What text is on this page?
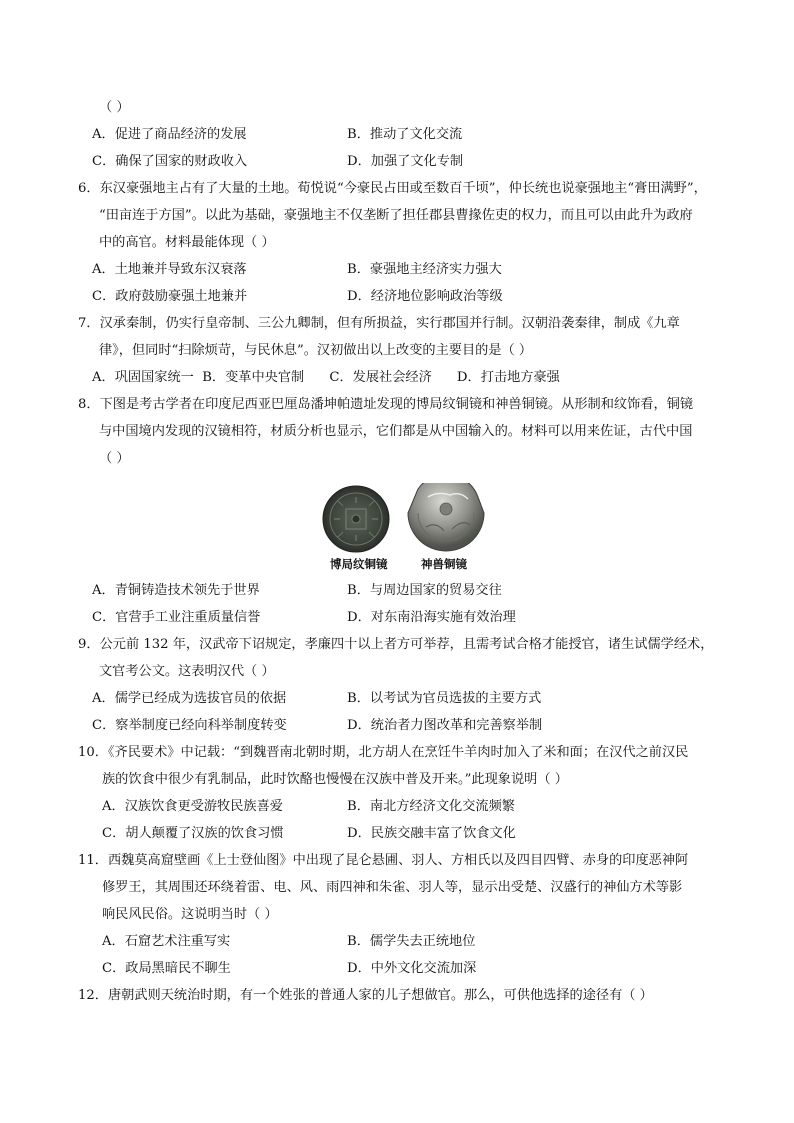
（ ）
A．促进了商品经济的发展	B．推动了文化交流
C．确保了国家的财政收入	D．加强了文化专制
6．东汉豪强地主占有了大量的土地。荀悦说“今豪民占田或至数百千顷”，仲长统也说豪强地主“膏田满野”，
“田亩连于方国”。以此为基础，豪强地主不仅垄断了担任郡县曹掾佐吏的权力，而且可以由此升为政府
中的高官。材料最能体现（ ）
A．土地兼并导致东汉衰落	B．豪强地主经济实力强大
C．政府鼓励豪强土地兼并	D．经济地位影响政治等级
7．汉承秦制，仍实行皇帝制、三公九卿制，但有所损益，实行郡国并行制。汉朝沿袭秦律，制成《九章
律》，但同时“扫除烦苛，与民休息”。汉初做出以上改变的主要目的是（ ）
A．巩固国家统一  B．变革中央官制      C．发展社会经济      D．打击地方豪强
8．下图是考古学者在印度尼西亚巴厘岛潘坤帕遗址发现的博局纹铜镜和神兽铜镜。从形制和纹饰看，铜镜
与中国境内发现的汉镜相符，材质分析也显示，它们都是从中国输入的。材料可以用来佐证，古代中国
（ ）
博局纹铜镜	神兽铜镜
A．青铜铸造技术领先于世界	B．与周边国家的贸易交往
C．官营手工业注重质量信誉	D．对东南沿海实施有效治理
9．公元前 132 年，汉武帝下诏规定，孝廉四十以上者方可举荐，且需考试合格才能授官，诸生试儒学经术，
文官考公文。这表明汉代（ ）
A．儒学已经成为选拔官员的依据	B．以考试为官员选拔的主要方式
C．察举制度已经向科举制度转变	D．统治者力图改革和完善察举制
10．《齐民要术》中记载：“到魏晋南北朝时期，北方胡人在烹饪牛羊肉时加入了米和面；在汉代之前汉民
族的饮食中很少有乳制品，此时饮酪也慢慢在汉族中普及开来。”此现象说明（ ）
A．汉族饮食更受游牧民族喜爱	B．南北方经济文化交流频繁
C．胡人颠覆了汉族的饮食习惯	D．民族交融丰富了饮食文化
11．西魏莫高窟壁画《上士登仙图》中出现了昆仑悬圃、羽人、方相氏以及四目四臂、赤身的印度恶神阿
修罗王，其周围还环绕着雷、电、风、雨四神和朱雀、羽人等，显示出受楚、汉盛行的神仙方术等影
响民风民俗。这说明当时（ ）
A．石窟艺术注重写实	B．儒学失去正统地位
C．政局黑暗民不聊生	D．中外文化交流加深
12．唐朝武则天统治时期，有一个姓张的普通人家的儿子想做官。那么，可供他选择的途径有（ ）
